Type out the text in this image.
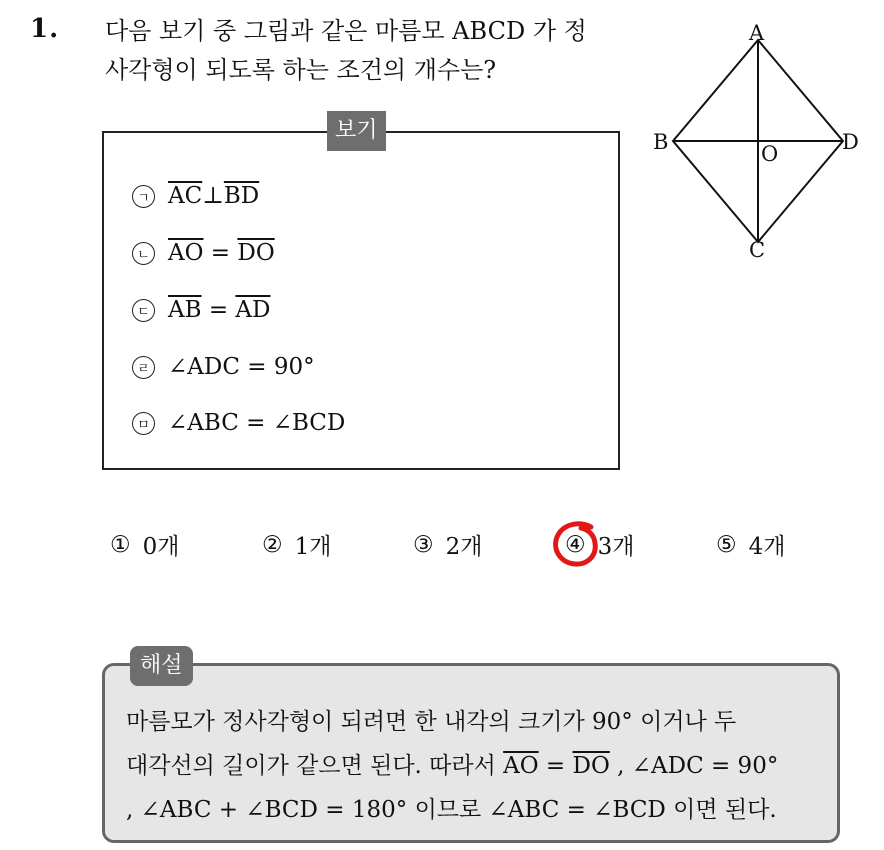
1. 다음 보기 중 그림과 같은 마름모 ABCD 가 정
사각형이 되도록 하는 조건의 개수는?
A
B
C
D
O
보기
ㄱ $\overline{AC}$ ⊥ $\overline{BD}$
ㄴ $\overline{AO} = \overline{DO}$
ㄷ $\overline{AB} = \overline{AD}$
ㄹ ∠ADC = 90°
ㅁ ∠ABC = ∠BCD
① 0개	② 1개	③ 2개	④ 3개	⑤ 4개
해설
마름모가 정사각형이 되려면 한 내각의 크기가 90° 이거나 두
대각선의 길이가 같으면 된다. 따라서 $\overline{AO} = \overline{DO}$ , ∠ADC = 90°
, ∠ABC + ∠BCD = 180° 이므로 ∠ABC = ∠BCD 이면 된다.
